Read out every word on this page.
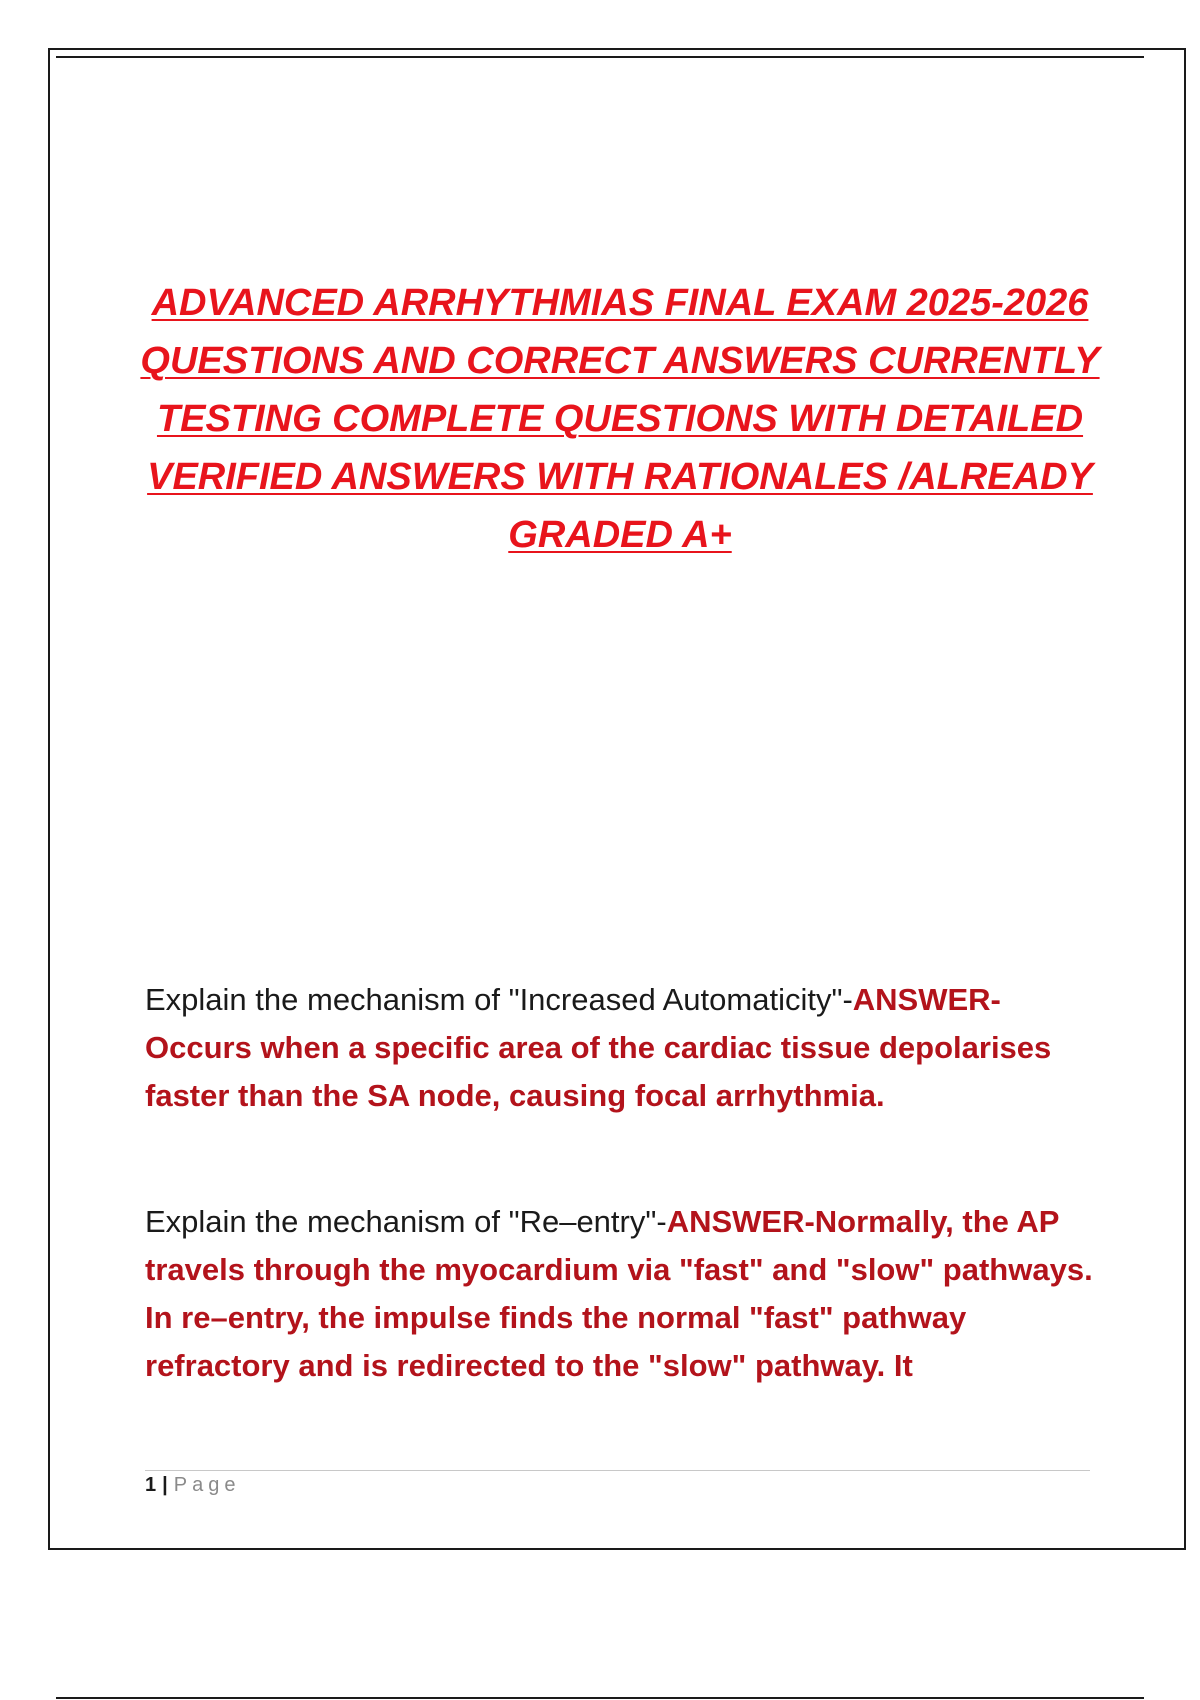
ADVANCED ARRHYTHMIAS FINAL EXAM 2025-2026
QUESTIONS AND CORRECT ANSWERS CURRENTLY
TESTING COMPLETE QUESTIONS WITH DETAILED
VERIFIED ANSWERS WITH RATIONALES /ALREADY
GRADED A+
Explain the mechanism of "Increased Automaticity"-ANSWER-Occurs when a specific area of the cardiac tissue depolarises faster than the SA node, causing focal arrhythmia.
Explain the mechanism of "Re–entry"-ANSWER-Normally, the AP travels through the myocardium via "fast" and "slow" pathways. In re–entry, the impulse finds the normal "fast" pathway refractory and is redirected to the "slow" pathway. It
1 | Page
